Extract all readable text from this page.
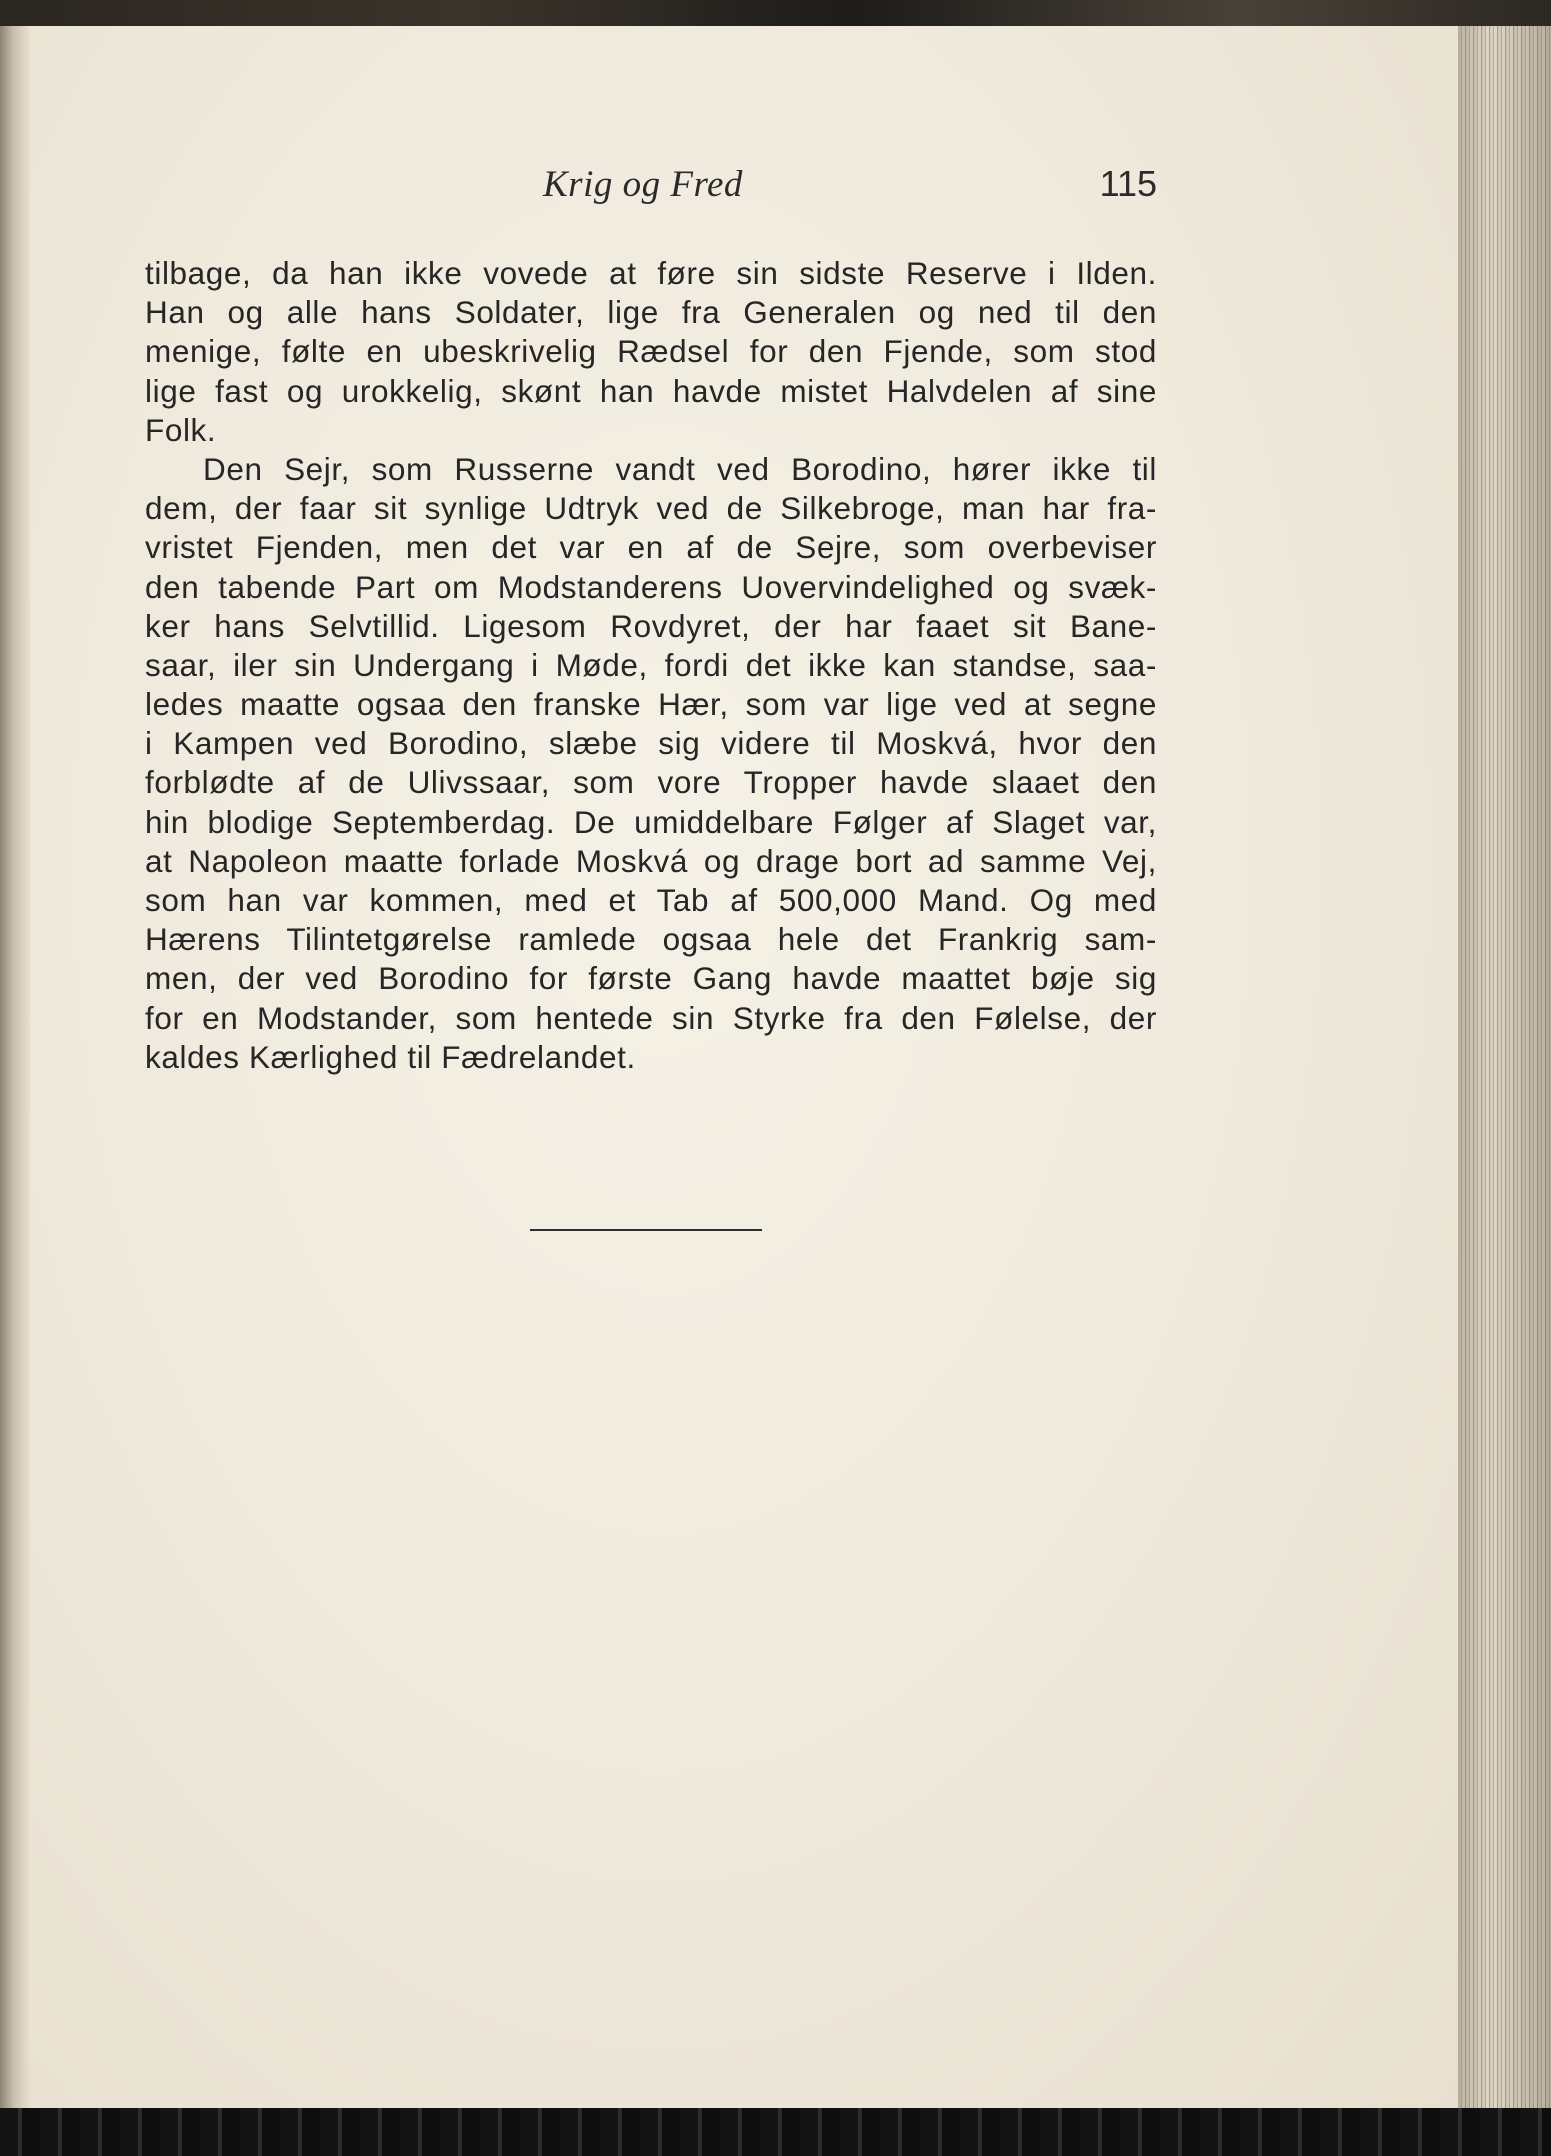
Krig og Fred	115
tilbage, da han ikke vovede at føre sin sidste Reserve i Ilden.
Han og alle hans Soldater, lige fra Generalen og ned til den
menige, følte en ubeskrivelig Rædsel for den Fjende, som stod
lige fast og urokkelig, skønt han havde mistet Halvdelen af sine
Folk.
Den Sejr, som Russerne vandt ved Borodino, hører ikke til
dem, der faar sit synlige Udtryk ved de Silkebroge, man har fra-
vristet Fjenden, men det var en af de Sejre, som overbeviser
den tabende Part om Modstanderens Uovervindelighed og svæk-
ker hans Selvtillid. Ligesom Rovdyret, der har faaet sit Bane-
saar, iler sin Undergang i Møde, fordi det ikke kan standse, saa-
ledes maatte ogsaa den franske Hær, som var lige ved at segne
i Kampen ved Borodino, slæbe sig videre til Moskvá, hvor den
forblødte af de Ulivssaar, som vore Tropper havde slaaet den
hin blodige Septemberdag. De umiddelbare Følger af Slaget var,
at Napoleon maatte forlade Moskvá og drage bort ad samme Vej,
som han var kommen, med et Tab af 500,000 Mand. Og med
Hærens Tilintetgørelse ramlede ogsaa hele det Frankrig sam-
men, der ved Borodino for første Gang havde maattet bøje sig
for en Modstander, som hentede sin Styrke fra den Følelse, der
kaldes Kærlighed til Fædrelandet.
